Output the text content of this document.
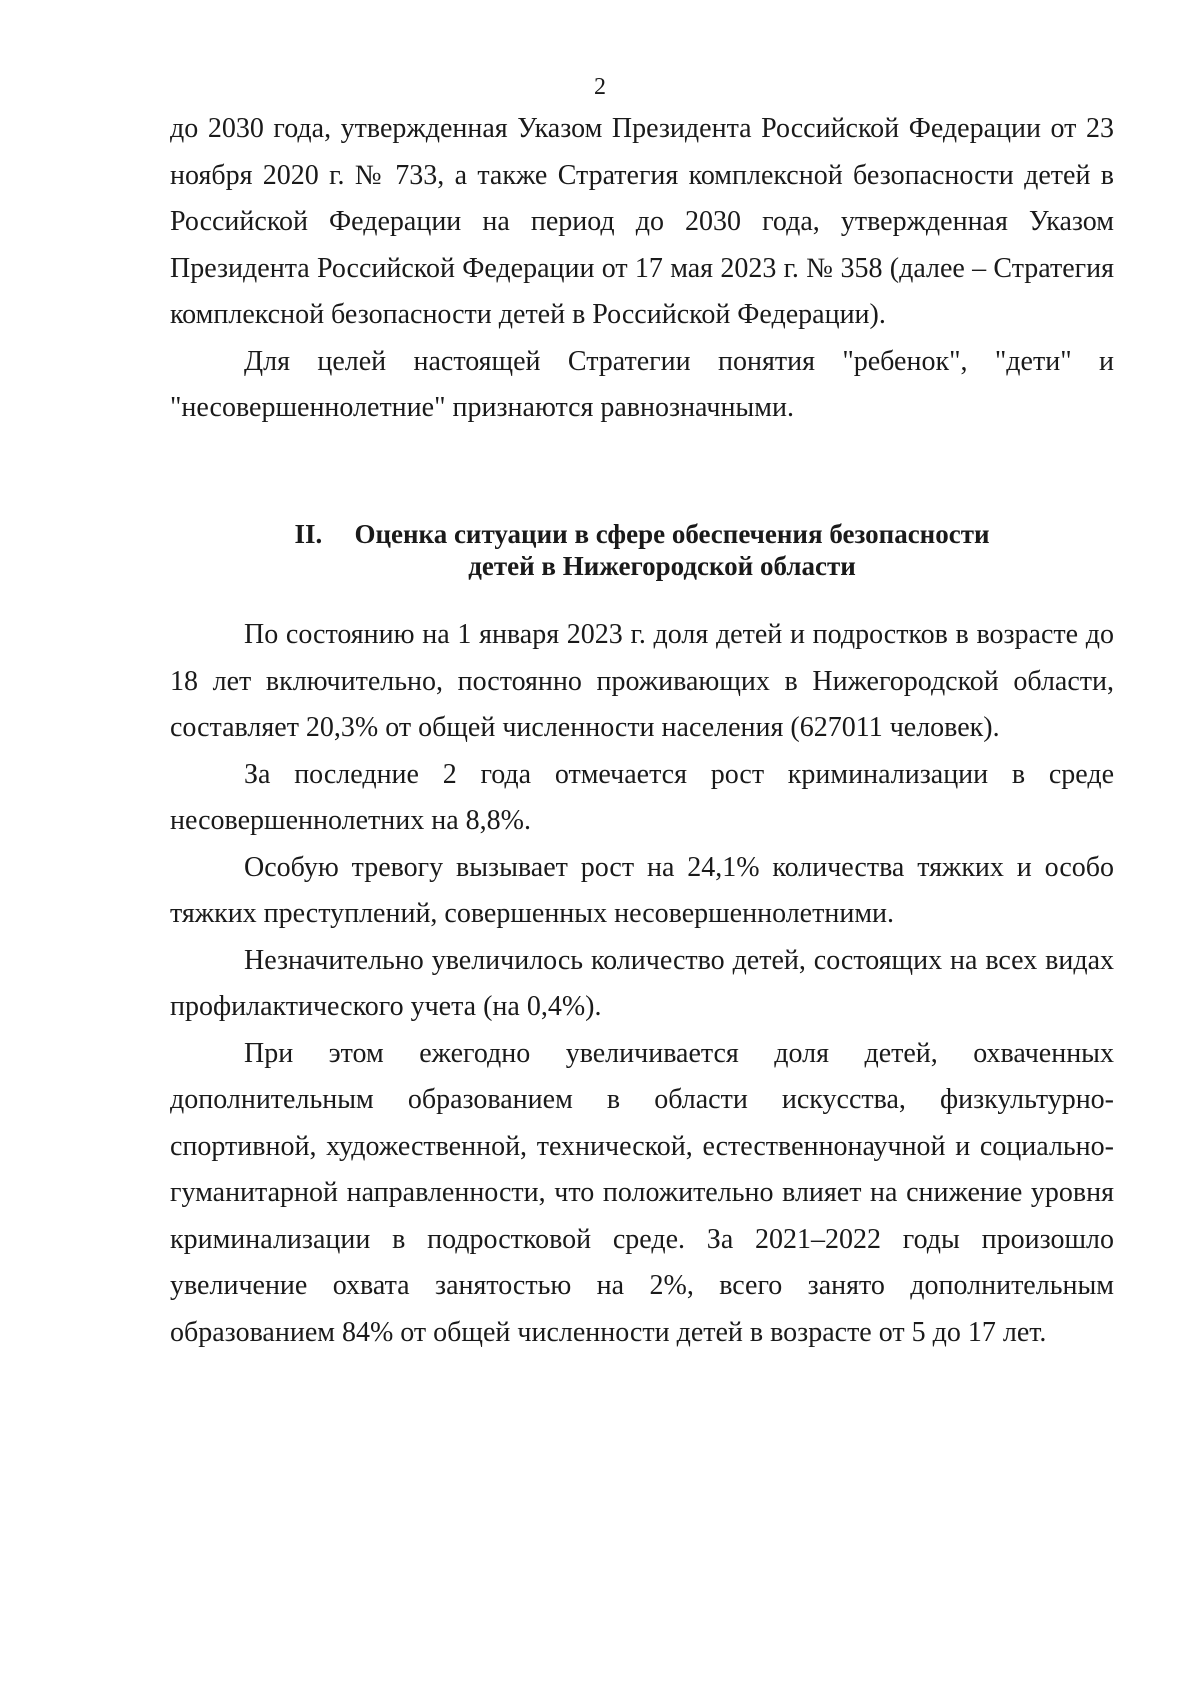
2

до 2030 года, утвержденная Указом Президента Российской Федерации от 23 ноября 2020 г. № 733, а также Стратегия комплексной безопасности детей в Российской Федерации на период до 2030 года, утвержденная Указом Президента Российской Федерации от 17 мая 2023 г. № 358 (далее – Стратегия комплексной безопасности детей в Российской Федерации).

Для целей настоящей Стратегии понятия "ребенок", "дети" и "несовершеннолетние" признаются равнозначными.

II. Оценка ситуации в сфере обеспечения безопасности
детей в Нижегородской области

По состоянию на 1 января 2023 г. доля детей и подростков в возрасте до 18 лет включительно, постоянно проживающих в Нижегородской области, составляет 20,3% от общей численности населения (627011 человек).

За последние 2 года отмечается рост криминализации в среде несовершеннолетних на 8,8%.

Особую тревогу вызывает рост на 24,1% количества тяжких и особо тяжких преступлений, совершенных несовершеннолетними.

Незначительно увеличилось количество детей, состоящих на всех видах профилактического учета (на 0,4%).

При этом ежегодно увеличивается доля детей, охваченных дополнительным образованием в области искусства, физкультурно-спортивной, художественной, технической, естественнонаучной и социально-гуманитарной направленности, что положительно влияет на снижение уровня криминализации в подростковой среде. За 2021–2022 годы произошло увеличение охвата занятостью на 2%, всего занято дополнительным образованием 84% от общей численности детей в возрасте от 5 до 17 лет.
